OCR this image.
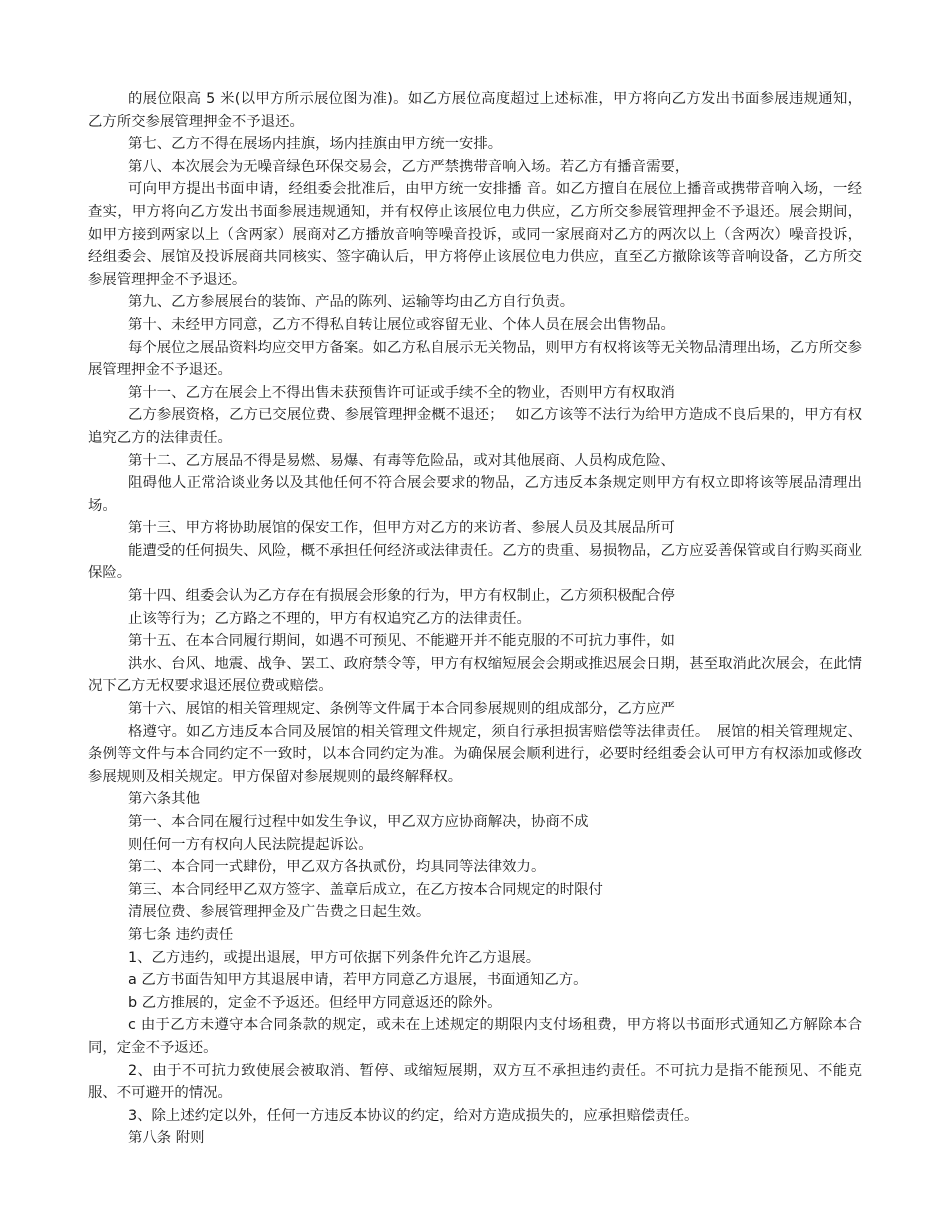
的展位限高 5 米(以甲方所示展位图为准)。如乙方展位高度超过上述标准，甲方将向乙方发出书面参展违规通知，乙方所交参展管理押金不予退还。

第七、乙方不得在展场内挂旗，场内挂旗由甲方统一安排。

第八、本次展会为无噪音绿色环保交易会，乙方严禁携带音响入场。若乙方有播音需要，

可向甲方提出书面申请，经组委会批准后，由甲方统一安排播 音。如乙方擅自在展位上播音或携带音响入场，一经查实，甲方将向乙方发出书面参展违规通知，并有权停止该展位电力供应，乙方所交参展管理押金不予退还。展会期间，如甲方接到两家以上（含两家）展商对乙方播放音响等噪音投诉，或同一家展商对乙方的两次以上（含两次）噪音投诉，经组委会、展馆及投诉展商共同核实、签字确认后，甲方将停止该展位电力供应，直至乙方撤除该等音响设备，乙方所交参展管理押金不予退还。

第九、乙方参展展台的装饰、产品的陈列、运输等均由乙方自行负责。

第十、未经甲方同意，乙方不得私自转让展位或容留无业、个体人员在展会出售物品。

每个展位之展品资料均应交甲方备案。如乙方私自展示无关物品，则甲方有权将该等无关物品清理出场，乙方所交参展管理押金不予退还。

第十一、乙方在展会上不得出售未获预售许可证或手续不全的物业，否则甲方有权取消

乙方参展资格，乙方已交展位费、参展管理押金概不退还；　 如乙方该等不法行为给甲方造成不良后果的，甲方有权追究乙方的法律责任。

第十二、乙方展品不得是易燃、易爆、有毒等危险品，或对其他展商、人员构成危险、

阻碍他人正常洽谈业务以及其他任何不符合展会要求的物品，乙方违反本条规定则甲方有权立即将该等展品清理出场。

第十三、甲方将协助展馆的保安工作，但甲方对乙方的来访者、参展人员及其展品所可

能遭受的任何损失、风险，概不承担任何经济或法律责任。乙方的贵重、易损物品，乙方应妥善保管或自行购买商业保险。

第十四、组委会认为乙方存在有损展会形象的行为，甲方有权制止，乙方须积极配合停

止该等行为；乙方路之不理的，甲方有权追究乙方的法律责任。

第十五、在本合同履行期间，如遇不可预见、不能避开并不能克服的不可抗力事件，如

洪水、台风、地震、战争、罢工、政府禁令等，甲方有权缩短展会会期或推迟展会日期，甚至取消此次展会，在此情况下乙方无权要求退还展位费或赔偿。

第十六、展馆的相关管理规定、条例等文件属于本合同参展规则的组成部分，乙方应严

格遵守。如乙方违反本合同及展馆的相关管理文件规定，须自行承担损害赔偿等法律责任。　展馆的相关管理规定、条例等文件与本合同约定不一致时，以本合同约定为准。为确保展会顺利进行，必要时经组委会认可甲方有权添加或修改参展规则及相关规定。甲方保留对参展规则的最终解释权。

第六条其他

第一、本合同在履行过程中如发生争议，甲乙双方应协商解决，协商不成

则任何一方有权向人民法院提起诉讼。

第二、本合同一式肆份，甲乙双方各执贰份，均具同等法律效力。

第三、本合同经甲乙双方签字、盖章后成立，在乙方按本合同规定的时限付

清展位费、参展管理押金及广告费之日起生效。

第七条 违约责任

1、乙方违约，或提出退展，甲方可依据下列条件允许乙方退展。

a 乙方书面告知甲方其退展申请，若甲方同意乙方退展，书面通知乙方。

b 乙方推展的，定金不予返还。但经甲方同意返还的除外。

c 由于乙方未遵守本合同条款的规定，或未在上述规定的期限内支付场租费，甲方将以书面形式通知乙方解除本合同，定金不予返还。

2、由于不可抗力致使展会被取消、暂停、或缩短展期，双方互不承担违约责任。不可抗力是指不能预见、不能克服、不可避开的情况。

3、除上述约定以外，任何一方违反本协议的约定，给对方造成损失的，应承担赔偿责任。

第八条 附则
